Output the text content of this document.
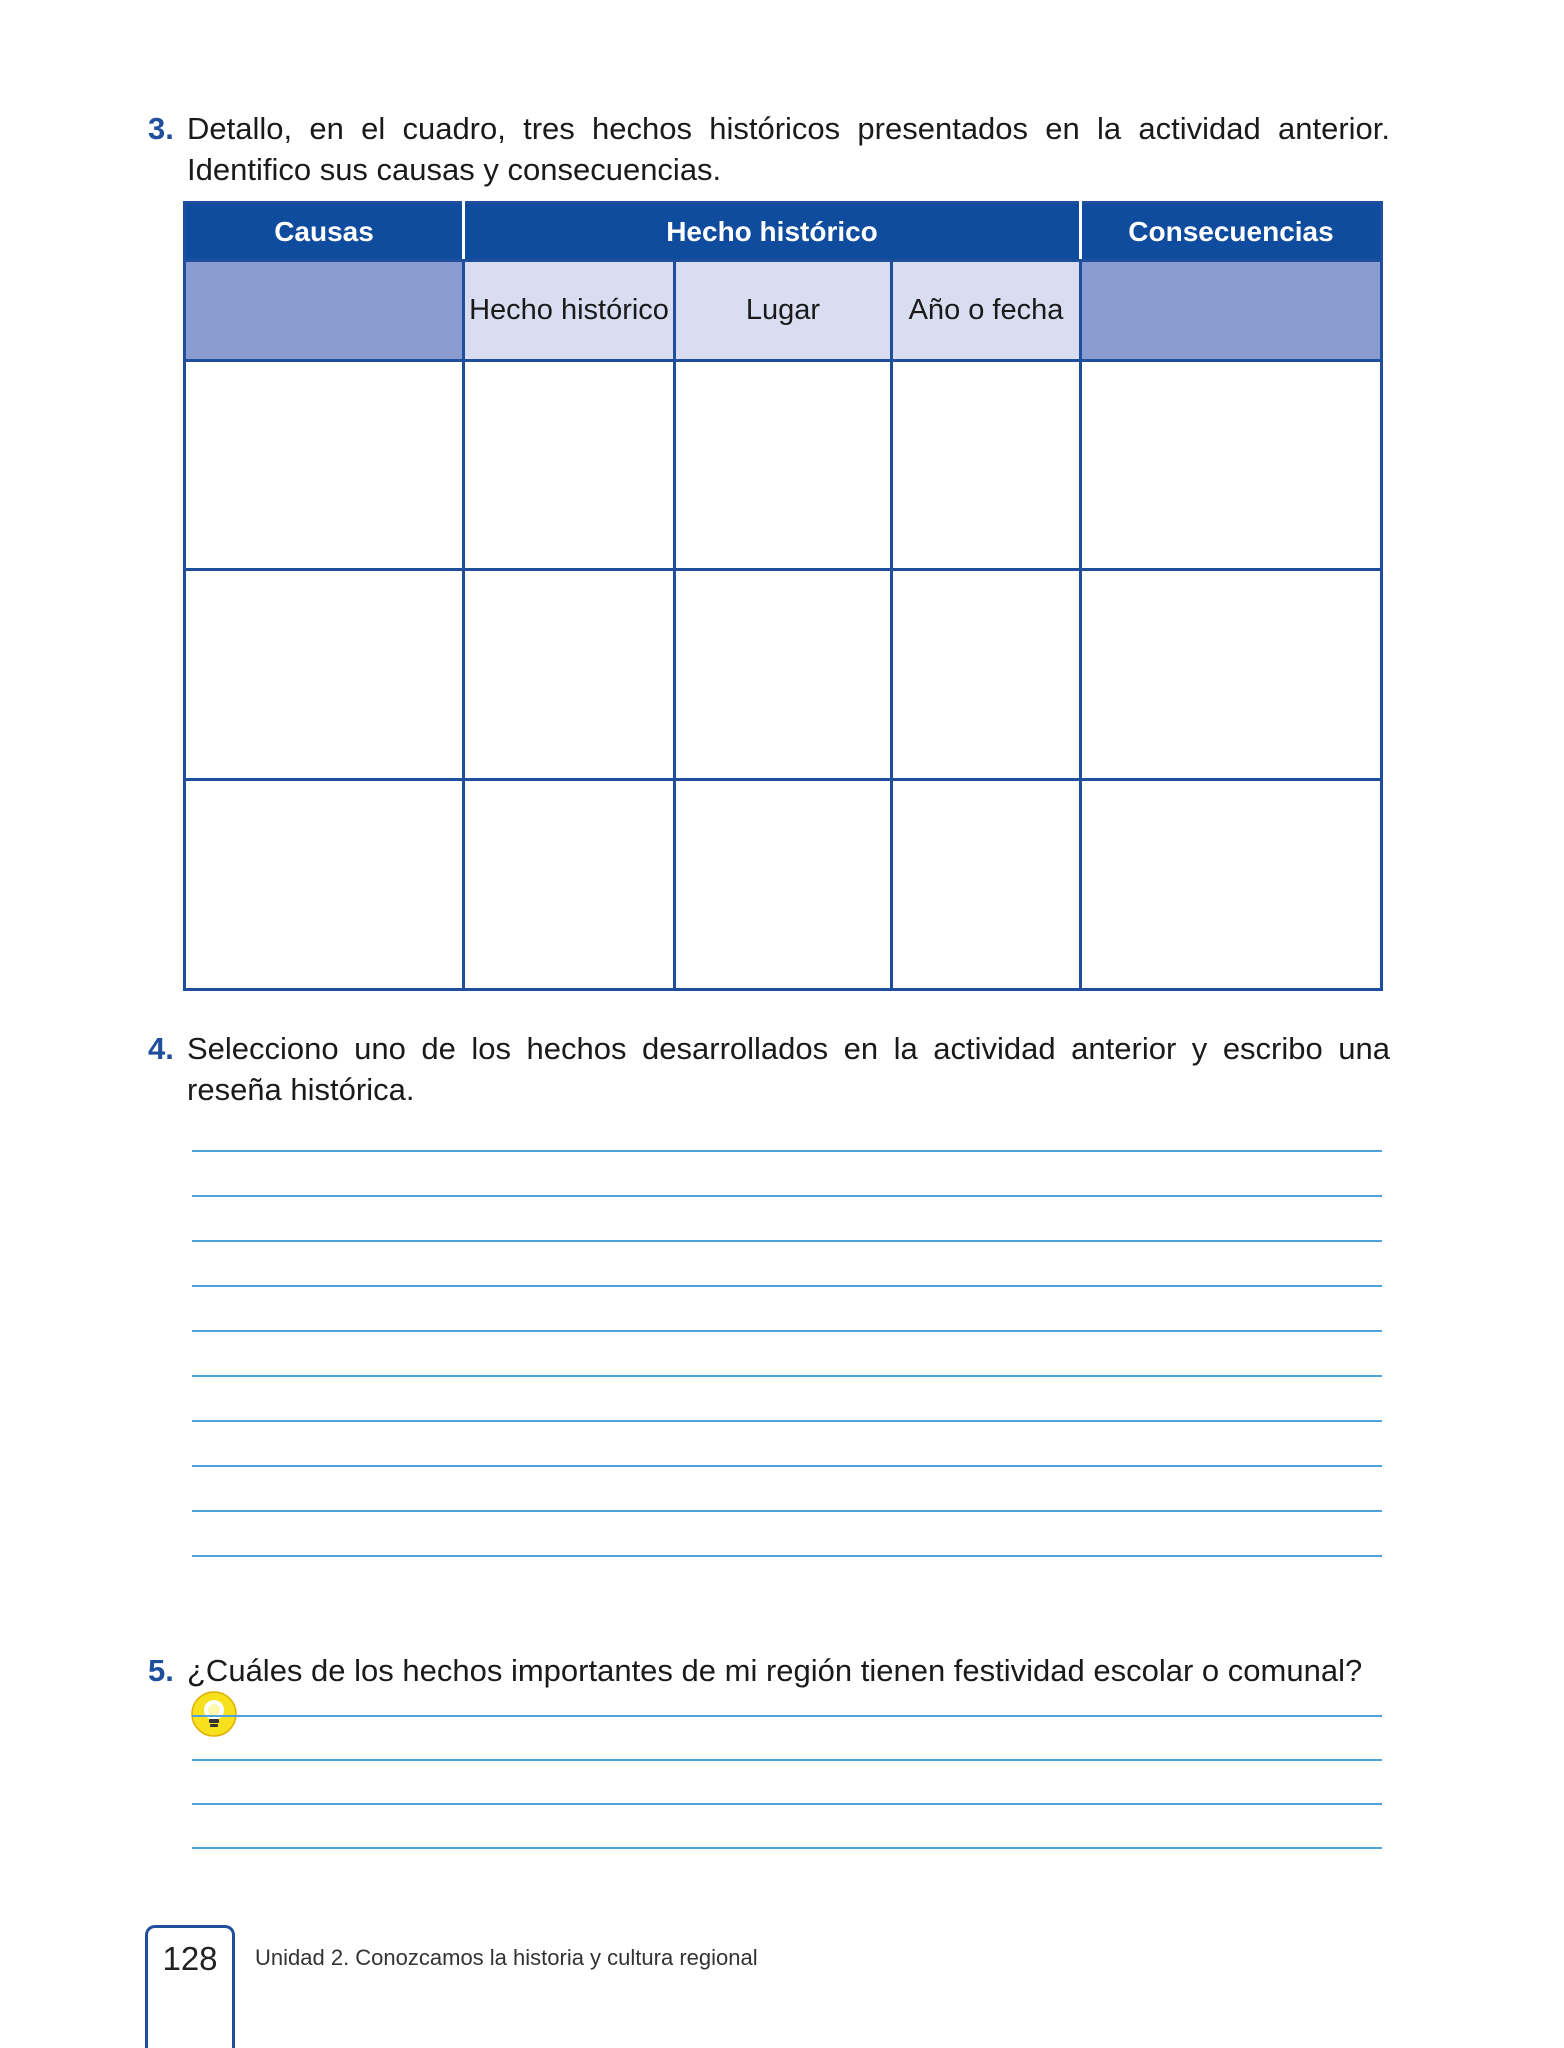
3. Detallo, en el cuadro, tres hechos históricos presentados en la actividad anterior. Identifico sus causas y consecuencias.
Causas	Hecho histórico			Consecuencias
	Hecho histórico	Lugar	Año o fecha	

4. Selecciono uno de los hechos desarrollados en la actividad anterior y escribo una reseña histórica.
5. ¿Cuáles de los hechos importantes de mi región tienen festividad escolar o comunal?
128	Unidad 2. Conozcamos la historia y cultura regional
